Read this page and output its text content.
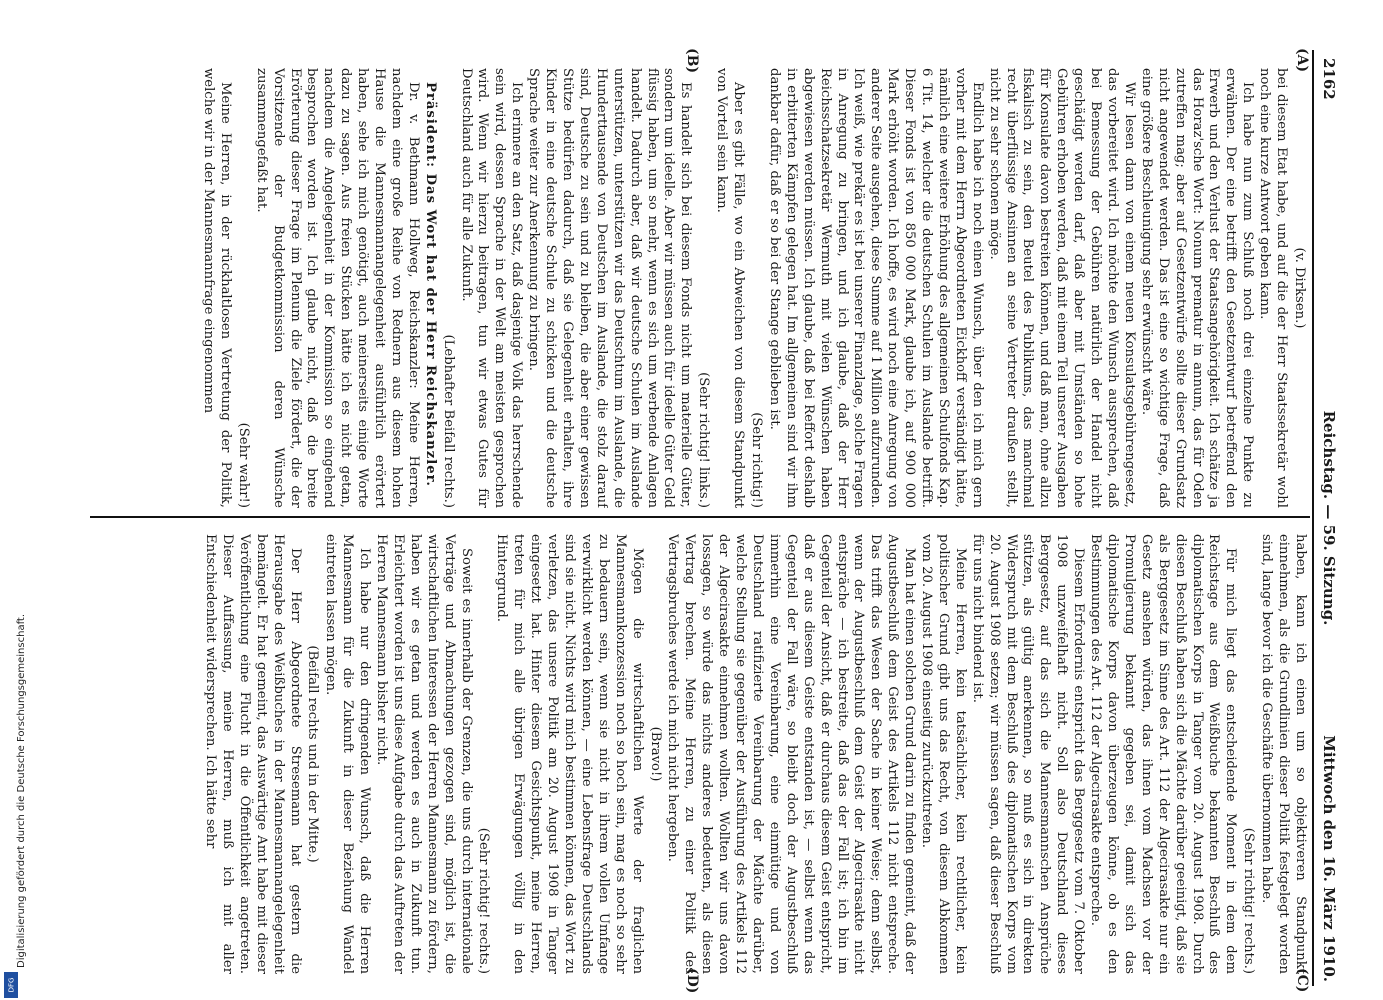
Digitalisierung gefördert durch die Deutsche Forschungsgemeinschaft.
DFG
2162
Reichstag. — 59. Sitzung.
Mittwoch den 16. März 1910.
(A)
(B)
(C)
(D)
(v. Dirksen.)

bei diesem Etat habe, und auf die der Herr Staatssekretär wohl noch eine kurze Antwort geben kann.

Ich habe nun zum Schluß noch drei einzelne Punkte zu erwähnen. Der eine betrifft den Gesetzentwurf betreffend den Erwerb und den Verlust der Staatsangehörigkeit. Ich schätze ja das Horaz'sche Wort: Nonum prematur in annum, das für Oden zutreffen mag; aber auf Gesetzentwürfe sollte dieser Grundsatz nicht angewendet werden. Das ist eine so wichtige Frage, daß eine größere Beschleunigung sehr erwünscht wäre.

Wir lesen dann von einem neuen Konsulatsgebührengesetz, das vorbereitet wird. Ich möchte den Wunsch aussprechen, daß bei Bemessung der Gebühren natürlich der Handel nicht geschädigt werden darf, daß aber mit Umständen so hohe Gebühren erhoben werden, daß mit einem Teil unserer Ausgaben für Konsulate davon bestreiten können, und daß man, ohne allzu fiskalisch zu sein, den Beutel des Publikums, das manchmal recht überflüssige Ansinnen an seine Vertreter draußen stellt, nicht zu sehr schonen möge.

Endlich habe ich noch einen Wunsch, über den ich mich gern vorher mit dem Herrn Abgeordneten Eickhoff verständigt hätte, nämlich eine weitere Erhöhung des allgemeinen Schulfonds Kap. 6 Tit. 14, welcher die deutschen Schulen im Auslande betrifft. Dieser Fonds ist von 850 000 Mark, glaube ich, auf 900 000 Mark erhöht worden. Ich hoffe, es wird noch eine Anregung von anderer Seite ausgehen, diese Summe auf 1 Million aufzurunden. Ich weiß, wie prekär es ist bei unserer Finanzlage, solche Fragen in Anregung zu bringen, und ich glaube, daß der Herr Reichsschatzsekretär Wermuth mit vielen Wünschen haben abgewiesen werden müssen. Ich glaube, daß bei Reffort deshalb in erbitterten Kämpfen gelegen hat. Im allgemeinen sind wir ihm dankbar dafür, daß er so bei der Stange geblieben ist.

(Sehr richtig!)

Aber es gibt Fälle, wo ein Abweichen von diesem Standpunkt von Vorteil sein kann.

(Sehr richtig! links.)

Es handelt sich bei diesem Fonds nicht um materielle Güter, sondern um ideelle. Aber wir müssen auch für ideelle Güter Geld flüssig haben, um so mehr, wenn es sich um werbende Anlagen handelt. Dadurch aber, daß wir deutsche Schulen im Auslande unterstützen, unterstützen wir das Deutschtum im Auslande, die Hunderttausende von Deutschen im Auslande, die stolz darauf sind, Deutsche zu sein und zu bleiben, die aber einer gewissen Stütze bedürfen dadurch, daß sie Gelegenheit erhalten, ihre Kinder in eine deutsche Schule zu schicken und die deutsche Sprache weiter zur Anerkennung zu bringen.

Ich erinnere an den Satz, daß dasjenige Volk das herrschende sein wird, dessen Sprache in der Welt am meisten gesprochen wird. Wenn wir hierzu beitragen, tun wir etwas Gutes für Deutschland auch für alle Zukunft.

(Lebhafter Beifall rechts.)

Präsident: Das Wort hat der Herr Reichskanzler.

Dr. v. Bethmann Hollweg, Reichskanzler: Meine Herren, nachdem eine große Reihe von Rednern aus diesem hohen Hause die Mannesmannangelegenheit ausführlich erörtert haben, sehe ich mich genötigt, auch meinerseits einige Worte dazu zu sagen. Aus freien Stücken hätte ich es nicht getan, nachdem die Angelegenheit in der Kommission so eingehend besprochen worden ist. Ich glaube nicht, daß die breite Erörterung dieser Frage im Plenum die Ziele fördert, die der Vorsitzende der Budgetkommission deren Wünsche zusammengefaßt hat.

(Sehr wahr!)

Meine Herren, in der rückhaltlosen Vertretung der Politik, welche wir in der Mannesmannfrage eingenommen

haben, kann ich einen um so objektiveren Standpunkt einnehmen, als die Grundlinien dieser Politik festgelegt worden sind, lange bevor ich die Geschäfte übernommen habe.

(Sehr richtig! rechts.)

Für mich liegt das entscheidende Moment in dem dem Reichstage aus dem Weißbuche bekannten Beschluß des diplomatischen Korps in Tanger vom 20. August 1908. Durch diesen Beschluß haben sich die Mächte darüber geeinigt, daß sie als Berggesetz im Sinne des Art. 112 der Algecirasakte nur ein Gesetz ansehen würden, das ihnen vom Machsen vor der Promulgierung bekannt gegeben sei, damit sich das diplomatische Korps davon überzeugen könne, ob es den Bestimmungen des Art. 112 der Algecirasakte entspreche.

Diesem Erfordernis entspricht das Berggesetz vom 7. Oktober 1908 unzweifelhaft nicht. Soll also Deutschland dieses Berggesetz, auf das sich die Mannesmannschen Ansprüche stützen, als gültig anerkennen, so muß es sich in direkten Widerspruch mit dem Beschluß des diplomatischen Korps vom 20. August 1908 setzen; wir müssen sagen, daß dieser Beschluß für uns nicht bindend ist.

Meine Herren, kein tatsächlicher, kein rechtlicher, kein politischer Grund gibt uns das Recht, von diesem Abkommen vom 20. August 1908 einseitig zurückzutreten.

Man hat einen solchen Grund darin zu finden gemeint, daß der Augustbeschluß dem Geist des Artikels 112 nicht entspreche. Das trifft das Wesen der Sache in keiner Weise; denn selbst, wenn der Augustbeschluß dem Geist der Algecirasakte nicht entspräche — ich bestreite, daß das der Fall ist; ich bin im Gegenteil der Ansicht, daß er durchaus diesem Geist entspricht, daß er aus diesem Geiste entstanden ist, — selbst wenn das Gegenteil der Fall wäre, so bleibt doch der Augustbeschluß immerhin eine Vereinbarung, eine einmütige und von Deutschland ratifizierte Vereinbarung der Mächte darüber, welche Stellung sie gegenüber der Ausführung des Artikels 112 der Algecirasakte einnehmen wollten. Wollten wir uns davon lossagen, so würde das nichts anderes bedeuten, als diesen Vertrag brechen. Meine Herren, zu einer Politik des Vertragsbruches werde ich mich nicht hergeben.

(Bravo!)

Mögen die wirtschaftlichen Werte der fraglichen Mannesmannkonzession noch so hoch sein, mag es noch so sehr zu bedauern sein, wenn sie nicht in ihrem vollen Umfange verwirklicht werden können, — eine Lebensfrage Deutschlands sind sie nicht. Nichts wird mich bestimmen können, das Wort zu verletzen, das unsere Politik am 20. August 1908 in Tanger eingesetzt hat. Hinter diesem Gesichtspunkt, meine Herren, treten für mich alle übrigen Erwägungen völlig in den Hintergrund.

(Sehr richtig! rechts.)

Soweit es innerhalb der Grenzen, die uns durch internationale Verträge und Abmachungen gezogen sind, möglich ist, die wirtschaftlichen Interessen der Herren Mannesmann zu fördern, haben wir es getan und werden es auch in Zukunft tun. Erleichtert worden ist uns diese Aufgabe durch das Auftreten der Herren Mannesmann bisher nicht.

Ich habe nur den dringenden Wunsch, daß die Herren Mannesmann für die Zukunft in dieser Beziehung Wandel eintreten lassen mögen.

(Beifall rechts und in der Mitte.)

Der Herr Abgeordnete Stresemann hat gestern die Herausgabe des Weißbuches in der Mannesmannangelegenheit bemängelt. Er hat gemeint, das Auswärtige Amt habe mit dieser Veröffentlichung eine Flucht in die Öffentlichkeit angetreten. Dieser Auffassung, meine Herren, muß ich mit aller Entschiedenheit widersprechen. Ich hätte sehr
